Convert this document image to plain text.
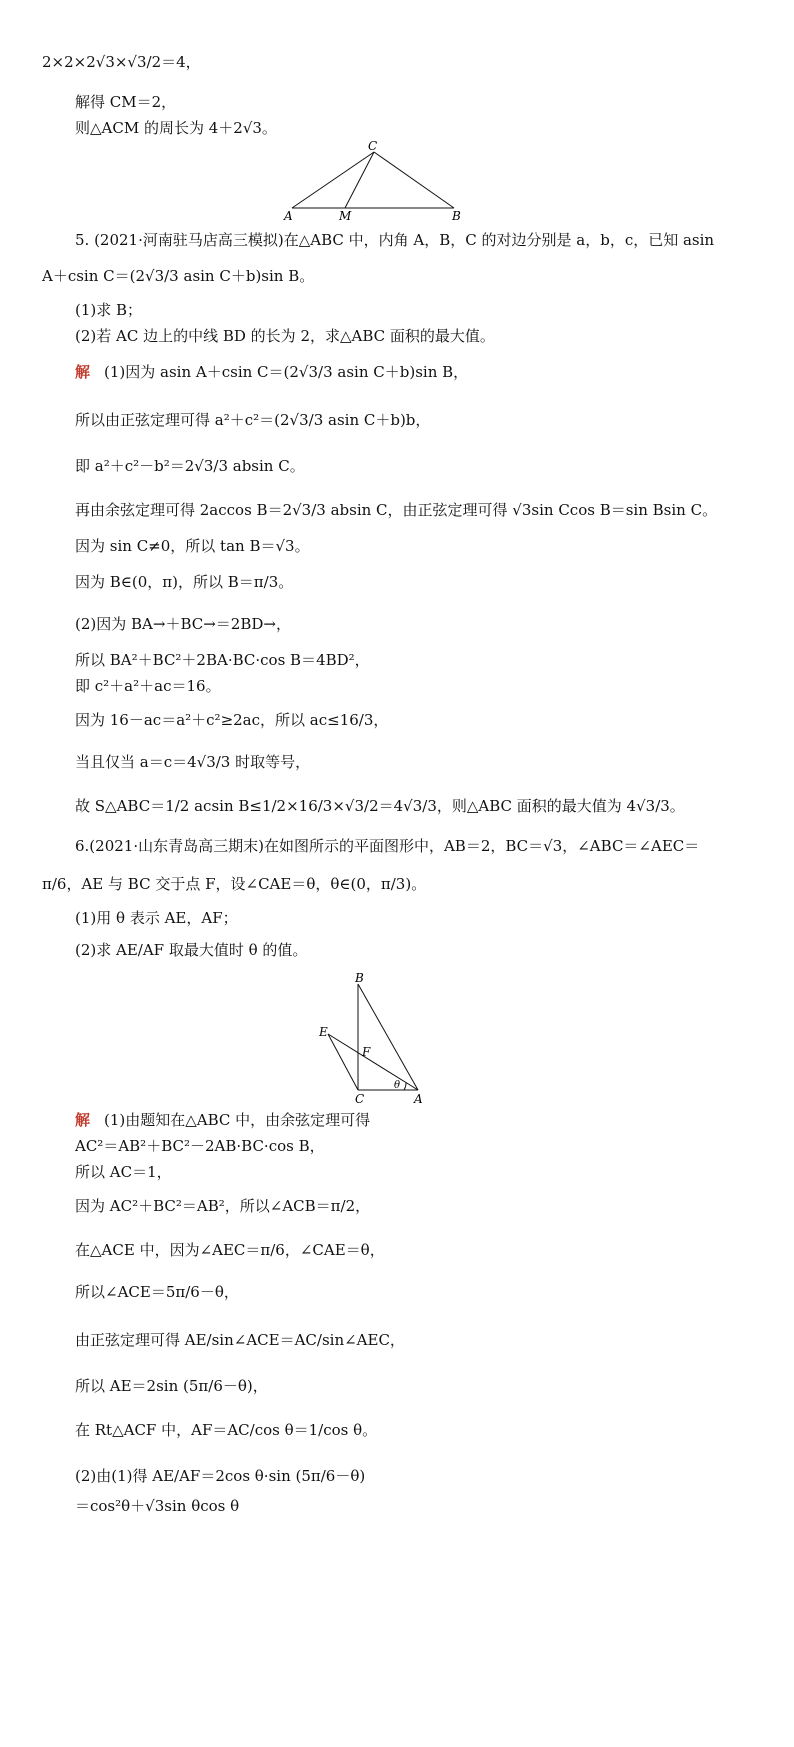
2×2×2√3×√3/2＝4，
解得 CM＝2，
则△ACM 的周长为 4＋2√3。
C
A	M	B
5. (2021·河南驻马店高三模拟)在△ABC 中，内角 A，B，C 的对边分别是 a，b，c，已知 asin
A＋csin C＝(2√3/3 asin C＋b)sin B。
(1)求 B；
(2)若 AC 边上的中线 BD 的长为 2，求△ABC 面积的最大值。
解 (1)因为 asin A＋csin C＝(2√3/3 asin C＋b)sin B，
所以由正弦定理可得 a²＋c²＝(2√3/3 asin C＋b)b，
即 a²＋c²－b²＝2√3/3 absin C。
再由余弦定理可得 2accos B＝2√3/3 absin C，由正弦定理可得 √3sin Ccos B＝sin Bsin C。
因为 sin C≠0，所以 tan B＝√3。
因为 B∈(0，π)，所以 B＝π/3。
(2)因为 BA→＋BC→＝2BD→，
所以 BA²＋BC²＋2BA·BC·cos B＝4BD²，
即 c²＋a²＋ac＝16。
因为 16－ac＝a²＋c²≥2ac，所以 ac≤16/3，
当且仅当 a＝c＝4√3/3 时取等号，
故 S△ABC＝1/2 acsin B≤1/2×16/3×√3/2＝4√3/3，则△ABC 面积的最大值为 4√3/3。
6.(2021·山东青岛高三期末)在如图所示的平面图形中，AB＝2，BC＝√3，∠ABC＝∠AEC＝
π/6，AE 与 BC 交于点 F，设∠CAE＝θ，θ∈(0，π/3)。
(1)用 θ 表示 AE，AF；
(2)求 AE/AF 取最大值时 θ 的值。
B
E
F
C
θ
A
解 (1)由题知在△ABC 中，由余弦定理可得
AC²＝AB²＋BC²－2AB·BC·cos B，
所以 AC＝1，
因为 AC²＋BC²＝AB²，所以∠ACB＝π/2，
在△ACE 中，因为∠AEC＝π/6，∠CAE＝θ，
所以∠ACE＝5π/6－θ，
由正弦定理可得 AE/sin∠ACE＝AC/sin∠AEC，
所以 AE＝2sin (5π/6－θ)，
在 Rt△ACF 中，AF＝AC/cos θ＝1/cos θ。
(2)由(1)得 AE/AF＝2cos θ·sin (5π/6－θ)
＝cos²θ＋√3sin θcos θ
